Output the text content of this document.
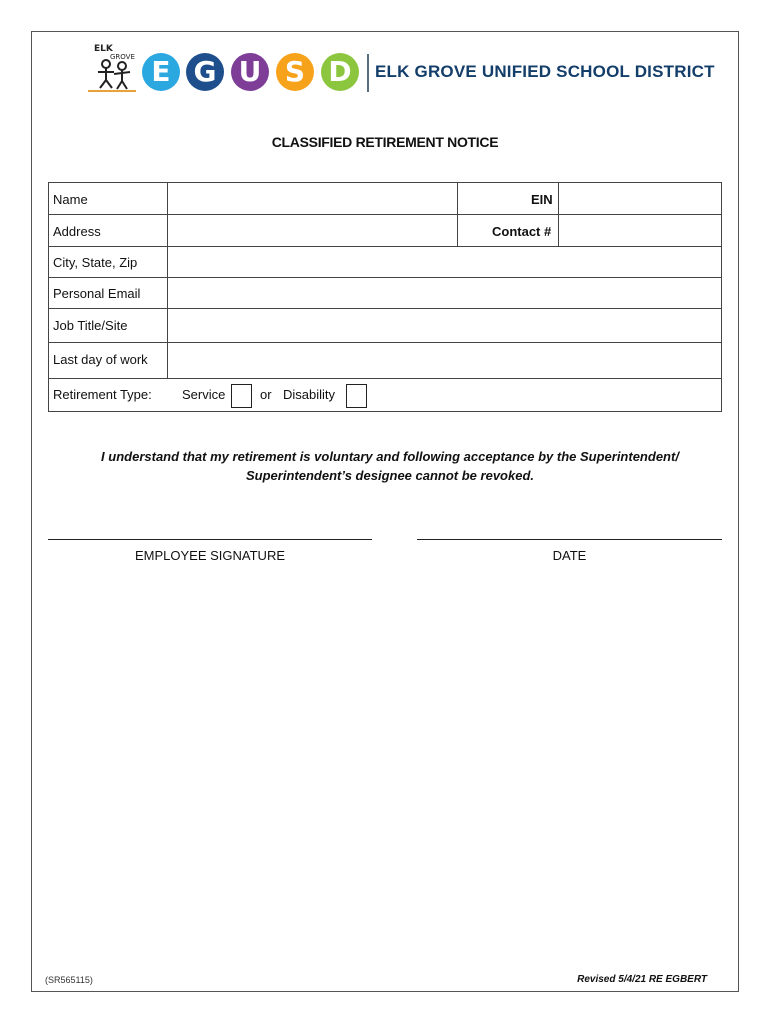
ELK
GROVE E G U S D	ELK GROVE UNIFIED SCHOOL DISTRICT
CLASSIFIED RETIREMENT NOTICE
Name	EIN
Address	Contact #
City, State, Zip
Personal Email
Job Title/Site
Last day of work
Retirement Type: Service	or Disability
I understand that my retirement is voluntary and following acceptance by the Superintendent/
Superintendent’s designee cannot be revoked.
EMPLOYEE SIGNATURE	DATE
(SR565115)	Revised 5/4/21 RE EGBERT
